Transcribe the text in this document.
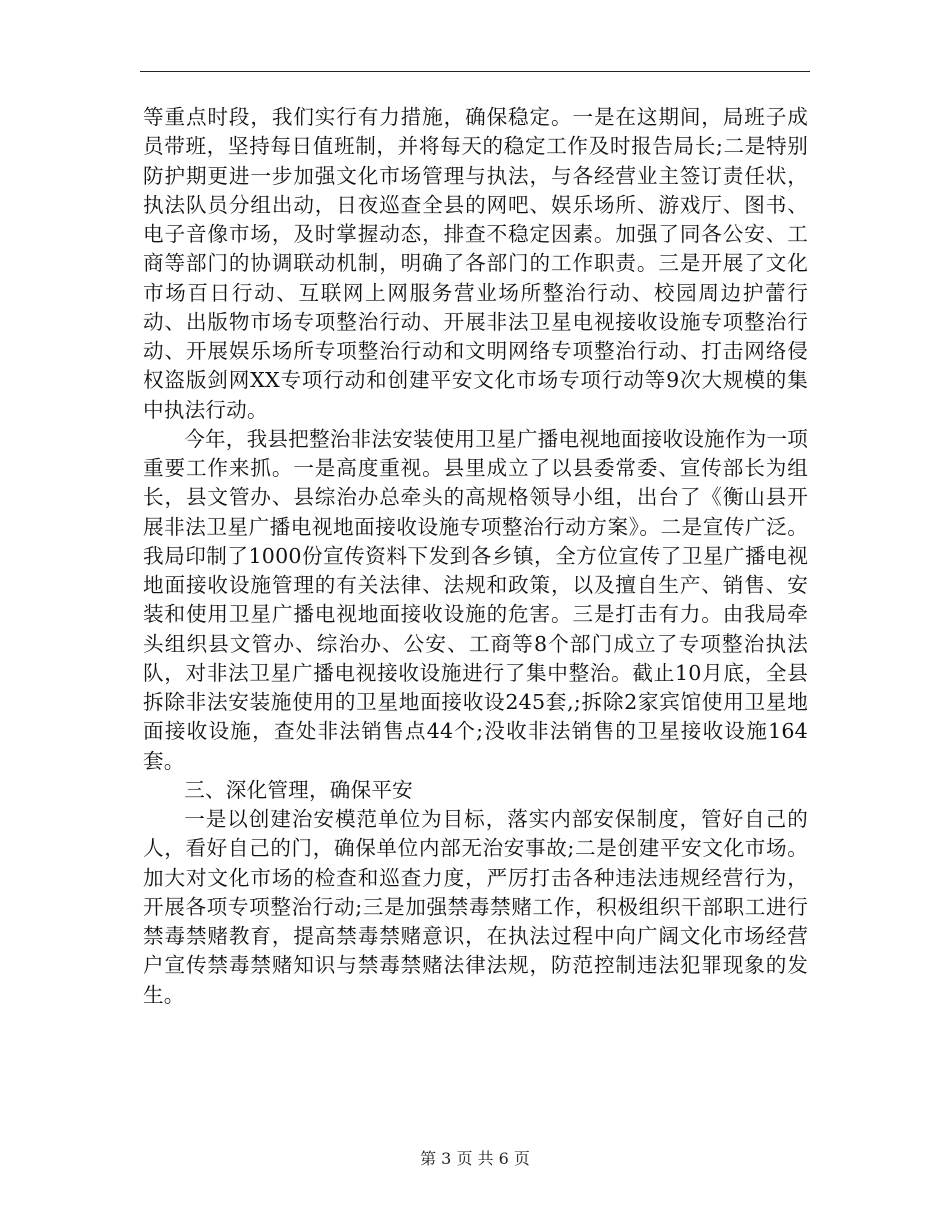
等重点时段，我们实行有力措施，确保稳定。一是在这期间，局班子成员带班，坚持每日值班制，并将每天的稳定工作及时报告局长;二是特别防护期更进一步加强文化市场管理与执法，与各经营业主签订责任状，执法队员分组出动，日夜巡查全县的网吧、娱乐场所、游戏厅、图书、电子音像市场，及时掌握动态，排查不稳定因素。加强了同各公安、工商等部门的协调联动机制，明确了各部门的工作职责。三是开展了文化市场百日行动、互联网上网服务营业场所整治行动、校园周边护蕾行动、出版物市场专项整治行动、开展非法卫星电视接收设施专项整治行动、开展娱乐场所专项整治行动和文明网络专项整治行动、打击网络侵权盗版剑网XX专项行动和创建平安文化市场专项行动等9次大规模的集中执法行动。

今年，我县把整治非法安装使用卫星广播电视地面接收设施作为一项重要工作来抓。一是高度重视。县里成立了以县委常委、宣传部长为组长，县文管办、县综治办总牵头的高规格领导小组，出台了《衡山县开展非法卫星广播电视地面接收设施专项整治行动方案》。二是宣传广泛。我局印制了1000份宣传资料下发到各乡镇，全方位宣传了卫星广播电视地面接收设施管理的有关法律、法规和政策，以及擅自生产、销售、安装和使用卫星广播电视地面接收设施的危害。三是打击有力。由我局牵头组织县文管办、综治办、公安、工商等8个部门成立了专项整治执法队，对非法卫星广播电视接收设施进行了集中整治。截止10月底，全县拆除非法安装施使用的卫星地面接收设245套,;拆除2家宾馆使用卫星地面接收设施，查处非法销售点44个;没收非法销售的卫星接收设施164套。

三、深化管理，确保平安

一是以创建治安模范单位为目标，落实内部安保制度，管好自己的人，看好自己的门，确保单位内部无治安事故;二是创建平安文化市场。加大对文化市场的检查和巡查力度，严厉打击各种违法违规经营行为，开展各项专项整治行动;三是加强禁毒禁赌工作，积极组织干部职工进行禁毒禁赌教育，提高禁毒禁赌意识，在执法过程中向广阔文化市场经营户宣传禁毒禁赌知识与禁毒禁赌法律法规，防范控制违法犯罪现象的发生。

第 3 页 共 6 页
